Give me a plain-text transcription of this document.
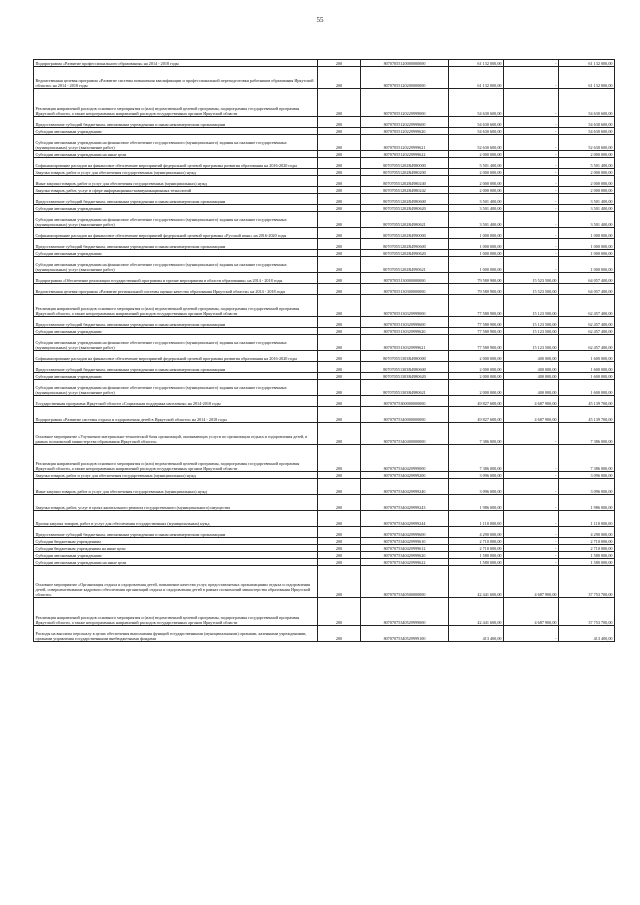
55
Подпрограмма «Развитие профессионального образования» на 2014 - 2018 годы	200	80707055120000000000	61 132 000,00	-	61 132 000,00
Ведомственная целевая программа «Развитие системы повышения квалификации и профессиональной переподготовки работников образования Иркутской области» на 2014 - 2018 годы	200	80707055120200000000	61 132 000,00	-	61 132 000,00
Реализация направлений расходов основного мероприятия и (или) ведомственной целевой программы, подпрограммы государственной программы Иркутской области, а также непрограммных направлений расходов государственных органов Иркутской области	200	80707055120229999000	54 630 600,00	-	54 630 600,00
Предоставление субсидий бюджетным, автономным учреждениям и иным некоммерческим организациям	200	80707055120229999600	54 630 600,00	-	54 630 600,00
Субсидии автономным учреждениям	200	80707055120229999620	54 630 600,00	-	54 630 600,00
Субсидии автономным учреждениям на финансовое обеспечение государственного (муниципального) задания на оказание государственных (муниципальных) услуг (выполнение работ)	200	80707055120229999621	52 630 600,00	-	52 630 600,00
Субсидии автономным учреждениям на иные цели	200	80707055120229999622	2 000 000,00	-	2 000 000,00
Софинансирование расходов на финансовое обеспечение мероприятий федеральной целевой программы развития образования на 2016-2020 годы	200	807070551202R4980000	5 501 400,00	-	5 501 400,00
Закупка товаров, работ и услуг для обеспечения государственных (муниципальных) нужд	200	807070551202R4980200	2 000 000,00	-	2 000 000,00
Иные закупки товаров, работ и услуг для обеспечения государственных (муниципальных) нужд	200	807070551202R4980240	2 000 000,00	-	2 000 000,00
Закупка товаров, работ, услуг в сфере информационно-коммуникационных технологий	200	807070551202R4980242	2 000 000,00	-	2 000 000,00
Предоставление субсидий бюджетным, автономным учреждениям и иным некоммерческим организациям	200	807070551202R4980600	3 501 400,00	-	3 501 400,00
Субсидии автономным учреждениям	200	807070551202R4980620	3 501 400,00	-	3 501 400,00
Субсидии автономным учреждениям на финансовое обеспечение государственного (муниципального) задания на оказание государственных (муниципальных) услуг (выполнение работ)	200	807070551202R4980621	3 501 400,00	-	3 501 400,00
Софинансирование расходов на финансовое обеспечение мероприятий федеральной целевой программы «Русский язык» на 2016-2020 годы	200	807070551202R4990000	1 000 000,00	-	1 000 000,00
Предоставление субсидий бюджетным, автономным учреждениям и иным некоммерческим организациям	200	807070551202R4990600	1 000 000,00	-	1 000 000,00
Субсидии автономным учреждениям	200	807070551202R4990620	1 000 000,00	-	1 000 000,00
Субсидии автономным учреждениям на финансовое обеспечение государственного (муниципального) задания на оказание государственных (муниципальных) услуг (выполнение работ)	200	807070551202R4990621	1 000 000,00	-	1 000 000,00
Подпрограмма «Обеспечение реализации государственной программы и прочие мероприятия в области образования» на 2014 - 2018 годы	200	80707055130000000000	79 580 900,00	15 523 500,00	64 057 400,00
Ведомственная целевая программа «Развитие региональной системы оценки качества образования Иркутской области» на 2014 - 2018 годы	200	80707055130300000000	79 580 900,00	15 523 500,00	64 057 400,00
Реализация направлений расходов основного мероприятия и (или) ведомственной целевой программы, подпрограммы государственной программы Иркутской области, а также непрограммных направлений расходов государственных органов Иркутской области	200	80707055130329999000	77 580 900,00	15 123 500,00	62 457 400,00
Предоставление субсидий бюджетным, автономным учреждениям и иным некоммерческим организациям	200	80707055130329999600	77 580 900,00	15 123 500,00	62 457 400,00
Субсидии автономным учреждениям	200	80707055130329999620	77 580 900,00	15 123 500,00	62 457 400,00
Субсидии автономным учреждениям на финансовое обеспечение государственного (муниципального) задания на оказание государственных (муниципальных) услуг (выполнение работ)	200	80707055130329999621	77 580 900,00	15 123 500,00	62 457 400,00
Софинансирование расходов на финансовое обеспечение мероприятий федеральной целевой программы развития образования на 2016-2020 годы	200	807070551303R4980000	2 000 000,00	400 000,00	1 600 000,00
Предоставление субсидий бюджетным, автономным учреждениям и иным некоммерческим организациям	200	807070551303R4980600	2 000 000,00	400 000,00	1 600 000,00
Субсидии автономным учреждениям	200	807070551303R4980620	2 000 000,00	400 000,00	1 600 000,00
Субсидии автономным учреждениям на финансовое обеспечение государственного (муниципального) задания на оказание государственных (муниципальных) услуг (выполнение работ)	200	807070551303R4980621	2 000 000,00	400 000,00	1 600 000,00
Государственная программа Иркутской области «Социальная поддержка населения» на 2014-2018 годы	200	80707075300000000000	49 827 600,00	4 687 900,00	45 139 700,00
Подпрограмма «Развитие системы отдыха и оздоровления детей в Иркутской области» на 2014 - 2018 годы	200	80707075340000000000	49 827 600,00	4 687 900,00	45 139 700,00
Основное мероприятие «Улучшение материально-технической базы организаций, оказывающих услуги по организации отдыха и оздоровления детей, в рамках полномочий министерства образования Иркутской области»	200	80707075340400000000	7 386 000,00	-	7 386 000,00
Реализация направлений расходов основного мероприятия и (или) ведомственной целевой программы, подпрограммы государственной программы Иркутской области, а также непрограммных направлений расходов государственных органов Иркутской области	200	80707075340429999000	7 386 000,00	-	7 386 000,00
Закупка товаров, работ и услуг для обеспечения государственных (муниципальных) нужд	200	80707075340429999200	3 096 000,00	-	3 096 000,00
Иные закупки товаров, работ и услуг для обеспечения государственных (муниципальных) нужд	200	80707075340429999240	3 096 000,00	-	3 096 000,00
Закупка товаров, работ, услуг в целях капитального ремонта государственного (муниципального) имущества	200	80707075340429999243	1 986 000,00	-	1 986 000,00
Прочая закупка товаров, работ и услуг для обеспечения государственных (муниципальных) нужд	200	80707075340429999244	1 110 000,00	-	1 110 000,00
Предоставление субсидий бюджетным, автономным учреждениям и иным некоммерческим организациям	200	80707075340429999600	4 290 000,00	-	4 290 000,00
Субсидии бюджетным учреждениям	200	80707075340429999610	2 710 000,00	-	2 710 000,00
Субсидии бюджетным учреждениям на иные цели	200	80707075340429999612	2 710 000,00	-	2 710 000,00
Субсидии автономным учреждениям	200	80707075340429999620	1 580 000,00	-	1 580 000,00
Субсидии автономным учреждениям на иные цели	200	80707075340429999622	1 580 000,00	-	1 580 000,00
Основное мероприятие «Организация отдыха и оздоровления детей, повышение качества услуг, предоставляемых организациями отдыха и оздоровления детей, совершенствование кадрового обеспечения организаций отдыха и оздоровления детей в рамках полномочий министерства образования Иркутской области»	200	80707075340500000000	42 441 600,00	4 687 900,00	37 753 700,00
Реализация направлений расходов основного мероприятия и (или) ведомственной целевой программы, подпрограммы государственной программы Иркутской области, а также непрограммных направлений расходов государственных органов Иркутской области	200	80707075340529999000	42 441 600,00	4 687 900,00	37 753 700,00
Расходы на выплаты персоналу в целях обеспечения выполнения функций государственными (муниципальными) органами, казенными учреждениями, органами управления государственными внебюджетными фондами	200	80707075340529999100	413 400,00	-	413 400,00
